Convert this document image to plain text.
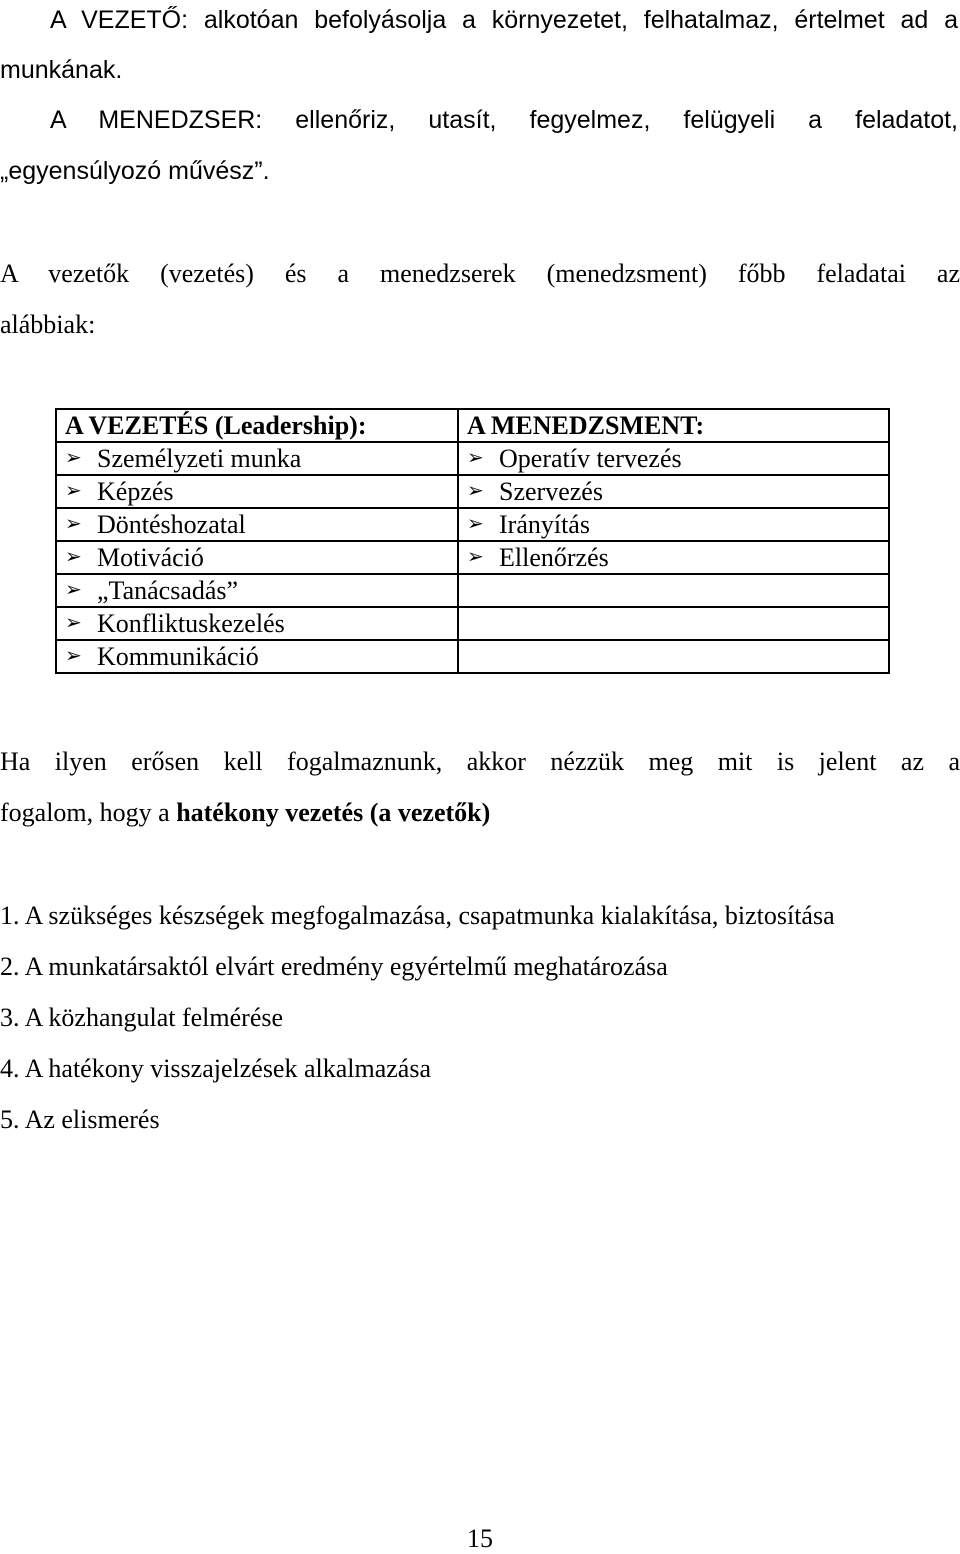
A VEZETŐ: alkotóan befolyásolja a környezetet, felhatalmaz, értelmet ad a
munkának.
A MENEDZSER: ellenőriz, utasít, fegyelmez, felügyeli a feladatot,
„egyensúlyozó művész”.
A vezetők (vezetés) és a menedzserek (menedzsment) főbb feladatai az
alábbiak:
A VEZETÉS (Leadership):	A MENEDZSMENT:
➢ Személyzeti munka	➢ Operatív tervezés
➢ Képzés	➢ Szervezés
➢ Döntéshozatal	➢ Irányítás
➢ Motiváció	➢ Ellenőrzés
➢ „Tanácsadás”	
➢ Konfliktuskezelés	
➢ Kommunikáció	
Ha ilyen erősen kell fogalmaznunk, akkor nézzük meg mit is jelent az a
fogalom, hogy a hatékony vezetés (a vezetők)
1. A szükséges készségek megfogalmazása, csapatmunka kialakítása, biztosítása
2. A munkatársaktól elvárt eredmény egyértelmű meghatározása
3. A közhangulat felmérése
4. A hatékony visszajelzések alkalmazása
5. Az elismerés
15
